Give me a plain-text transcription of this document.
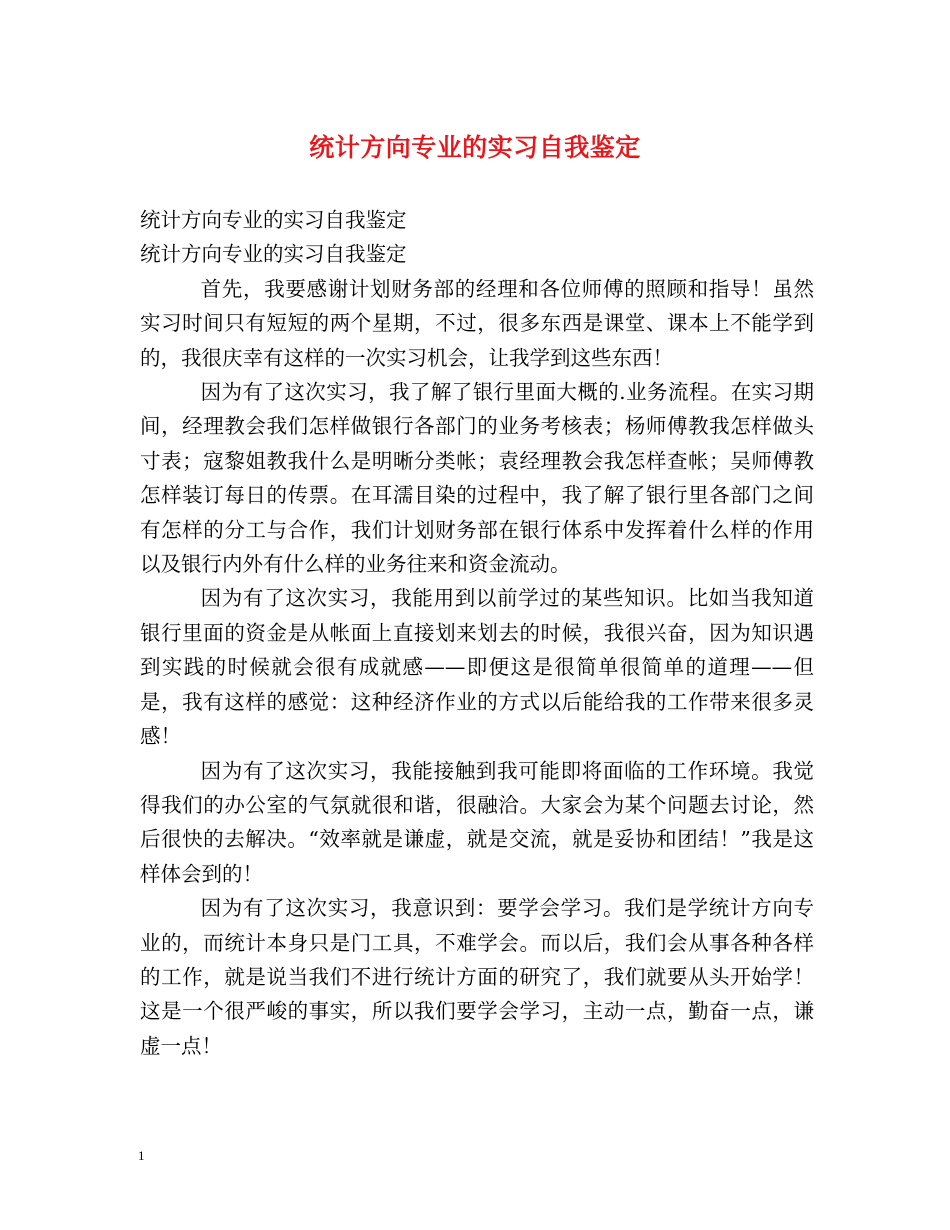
统计方向专业的实习自我鉴定

统计方向专业的实习自我鉴定

统计方向专业的实习自我鉴定

首先，我要感谢计划财务部的经理和各位师傅的照顾和指导！虽然实习时间只有短短的两个星期，不过，很多东西是课堂、课本上不能学到的，我很庆幸有这样的一次实习机会，让我学到这些东西！

因为有了这次实习，我了解了银行里面大概的.业务流程。在实习期间，经理教会我们怎样做银行各部门的业务考核表；杨师傅教我怎样做头寸表；寇黎姐教我什么是明晰分类帐；袁经理教会我怎样查帐；吴师傅教怎样装订每日的传票。在耳濡目染的过程中，我了解了银行里各部门之间有怎样的分工与合作，我们计划财务部在银行体系中发挥着什么样的作用以及银行内外有什么样的业务往来和资金流动。

因为有了这次实习，我能用到以前学过的某些知识。比如当我知道银行里面的资金是从帐面上直接划来划去的时候，我很兴奋，因为知识遇到实践的时候就会很有成就感——即便这是很简单很简单的道理——但是，我有这样的感觉：这种经济作业的方式以后能给我的工作带来很多灵感！

因为有了这次实习，我能接触到我可能即将面临的工作环境。我觉得我们的办公室的气氛就很和谐，很融洽。大家会为某个问题去讨论，然后很快的去解决。“效率就是谦虚，就是交流，就是妥协和团结！”我是这样体会到的！

因为有了这次实习，我意识到：要学会学习。我们是学统计方向专业的，而统计本身只是门工具，不难学会。而以后，我们会从事各种各样的工作，就是说当我们不进行统计方面的研究了，我们就要从头开始学！这是一个很严峻的事实，所以我们要学会学习，主动一点，勤奋一点，谦虚一点！

1
